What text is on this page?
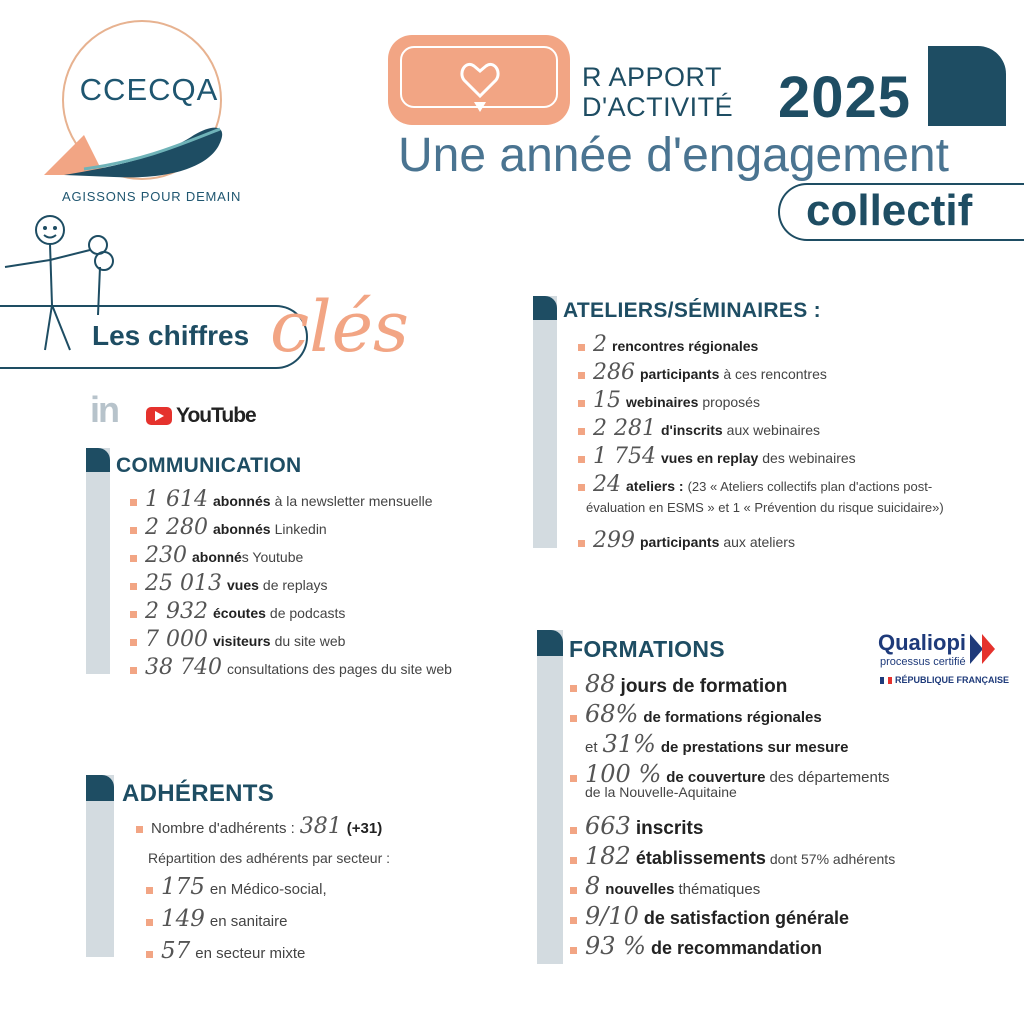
CCECQA
AGISSONS POUR DEMAIN
R APPORT
D'ACTIVITÉ 2025
Une année d'engagement
collectif
Les chiffres clés
in	YouTube
COMMUNICATION
1 614 abonnés à la newsletter mensuelle
2 280 abonnés Linkedin
230 abonné s Youtube
25 013 vues de replays
2 932 écoutes de podcasts
7 000 visiteurs du site web
38 740 consultations des pages du site web
ADHÉRENTS
Nombre d'adhérents : 381 (+31)
Répartition des adhérents par secteur :
175 en Médico-social,
149 en sanitaire
57 en secteur mixte
ATELIERS/SÉMINAIRES :
2 rencontres régionales
286 participants à ces rencontres
15 webinaires proposés
2 281 d'inscrits aux webinaires
1 754 vues en replay des webinaires
24 ateliers : (23 « Ateliers collectifs plan d'actions post-
évaluation en ESMS » et 1 « Prévention du risque suicidaire»)
299 participants aux ateliers
FORMATIONS
88 jours de formation
68% de formations régionales
et 31% de prestations sur mesure
100 % de couverture des départements
de la Nouvelle-Aquitaine
663 inscrits
182 établissements dont 57% adhérents
8 nouvelles thématiques
9/10 de satisfaction générale
93 % de recommandation
Qualiopi
processus certifié
RÉPUBLIQUE FRANÇAISE
